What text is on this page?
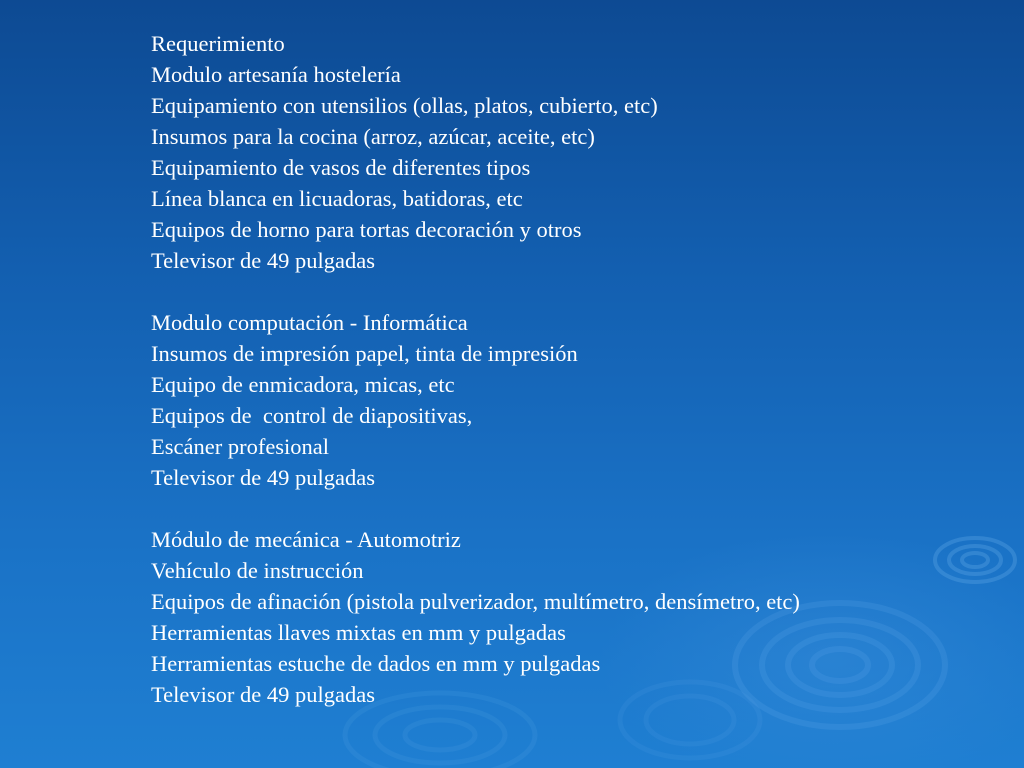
Requerimiento
Modulo artesanía hostelería
Equipamiento con utensilios (ollas, platos, cubierto, etc)
Insumos para la cocina (arroz, azúcar, aceite, etc)
Equipamiento de vasos de diferentes tipos
Línea blanca en licuadoras, batidoras, etc
Equipos de horno para tortas decoración y otros
Televisor de 49 pulgadas
Modulo computación - Informática
Insumos de impresión papel, tinta de impresión
Equipo de enmicadora, micas, etc
Equipos de  control de diapositivas,
Escáner profesional
Televisor de 49 pulgadas
Módulo de mecánica - Automotriz
Vehículo de instrucción
Equipos de afinación (pistola pulverizador, multímetro, densímetro, etc)
Herramientas llaves mixtas en mm y pulgadas
Herramientas estuche de dados en mm y pulgadas
Televisor de 49 pulgadas
